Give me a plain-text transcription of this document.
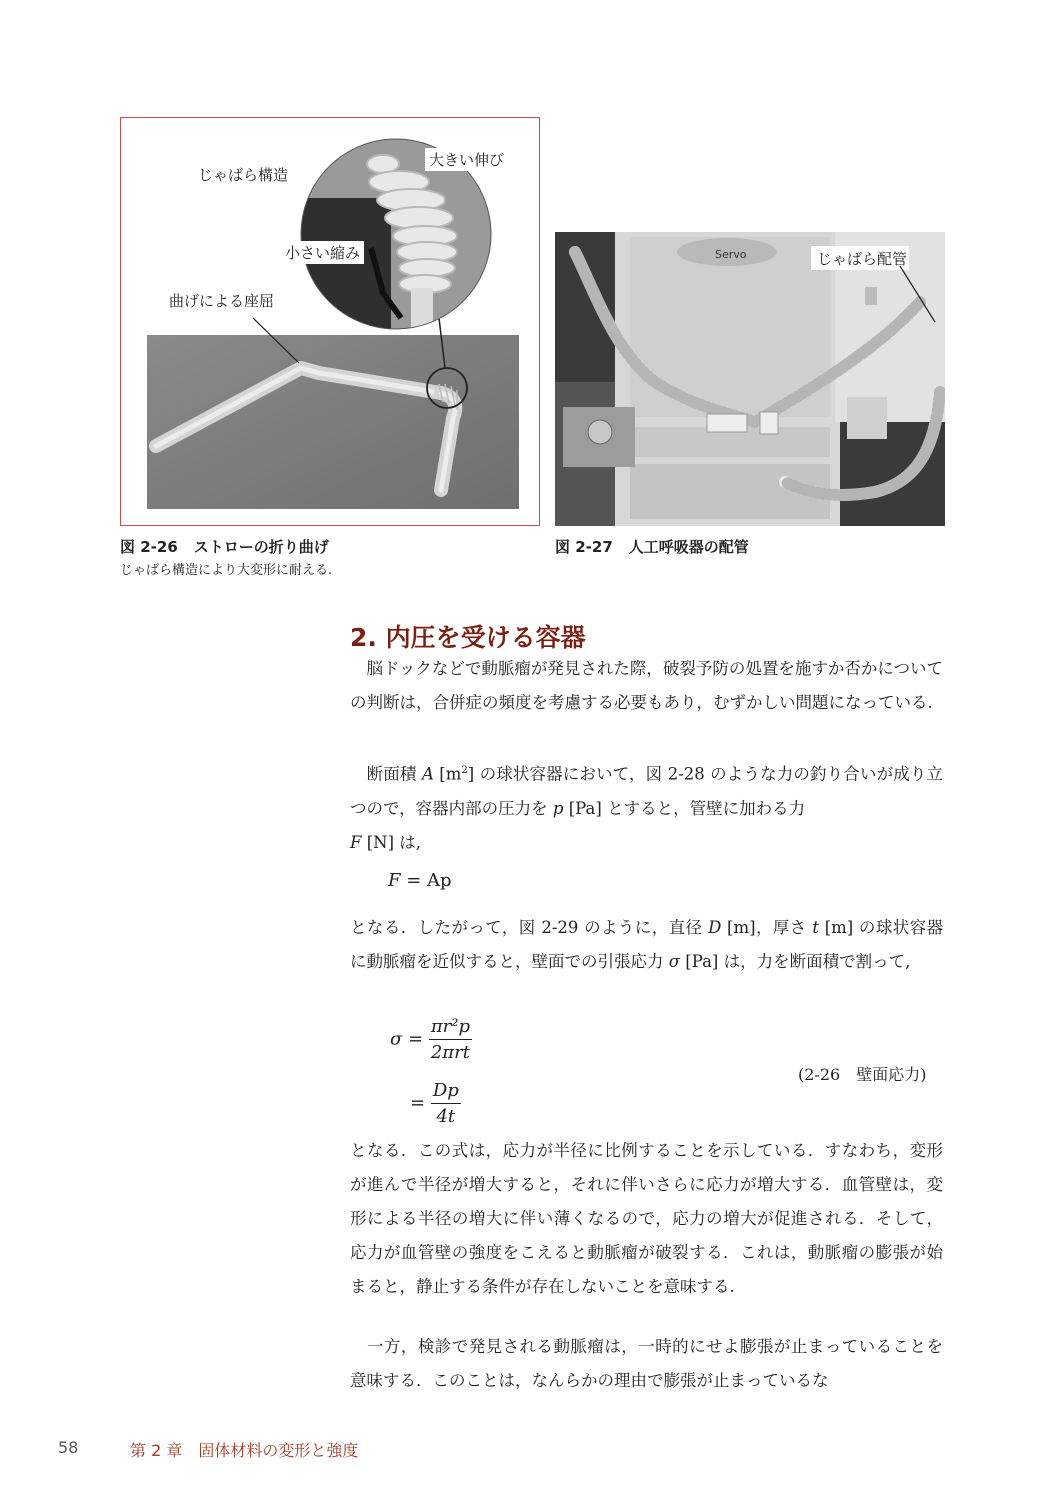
じゃばら構造
大きい伸び
小さい縮み
曲げによる座屈
図 2-26 ストローの折り曲げ
じゃばら構造により大変形に耐える.
Servo	じゃばら配管
図 2-27 人工呼吸器の配管
2. 内圧を受ける容器

脳ドックなどで動脈瘤が発見された際，破裂予防の処置を施すか否かについての判断は，合併症の頻度を考慮する必要もあり，むずかしい問題になっている.

断面積 A $[m^2]$ の球状容器において，図 2-28 のような力の釣り合いが成り立つので，容器内部の圧力を p [Pa] とすると，管壁に加わる力
F [N] は,

F = Ap

となる．したがって，図 2-29 のように，直径 D [m]，厚さ t [m] の球状容器に動脈瘤を近似すると，壁面での引張応力 σ [Pa] は，力を断面積で割って,

$\sigma = \frac{\text{πr²p}}{\text{2πrt}}$
= $\frac{Dp}{4t}$
(2-26　壁面応力)

となる．この式は，応力が半径に比例することを示している．すなわち，変形が進んで半径が増大すると，それに伴いさらに応力が増大する．血管壁は，変形による半径の増大に伴い薄くなるので，応力の増大が促進される．そして，応力が血管壁の強度をこえると動脈瘤が破裂する．これは，動脈瘤の膨張が始まると，静止する条件が存在しないことを意味する.

一方，検診で発見される動脈瘤は，一時的にせよ膨張が止まっていることを意味する．このことは，なんらかの理由で膨張が止まっているな

58	第 2 章　固体材料の変形と強度
